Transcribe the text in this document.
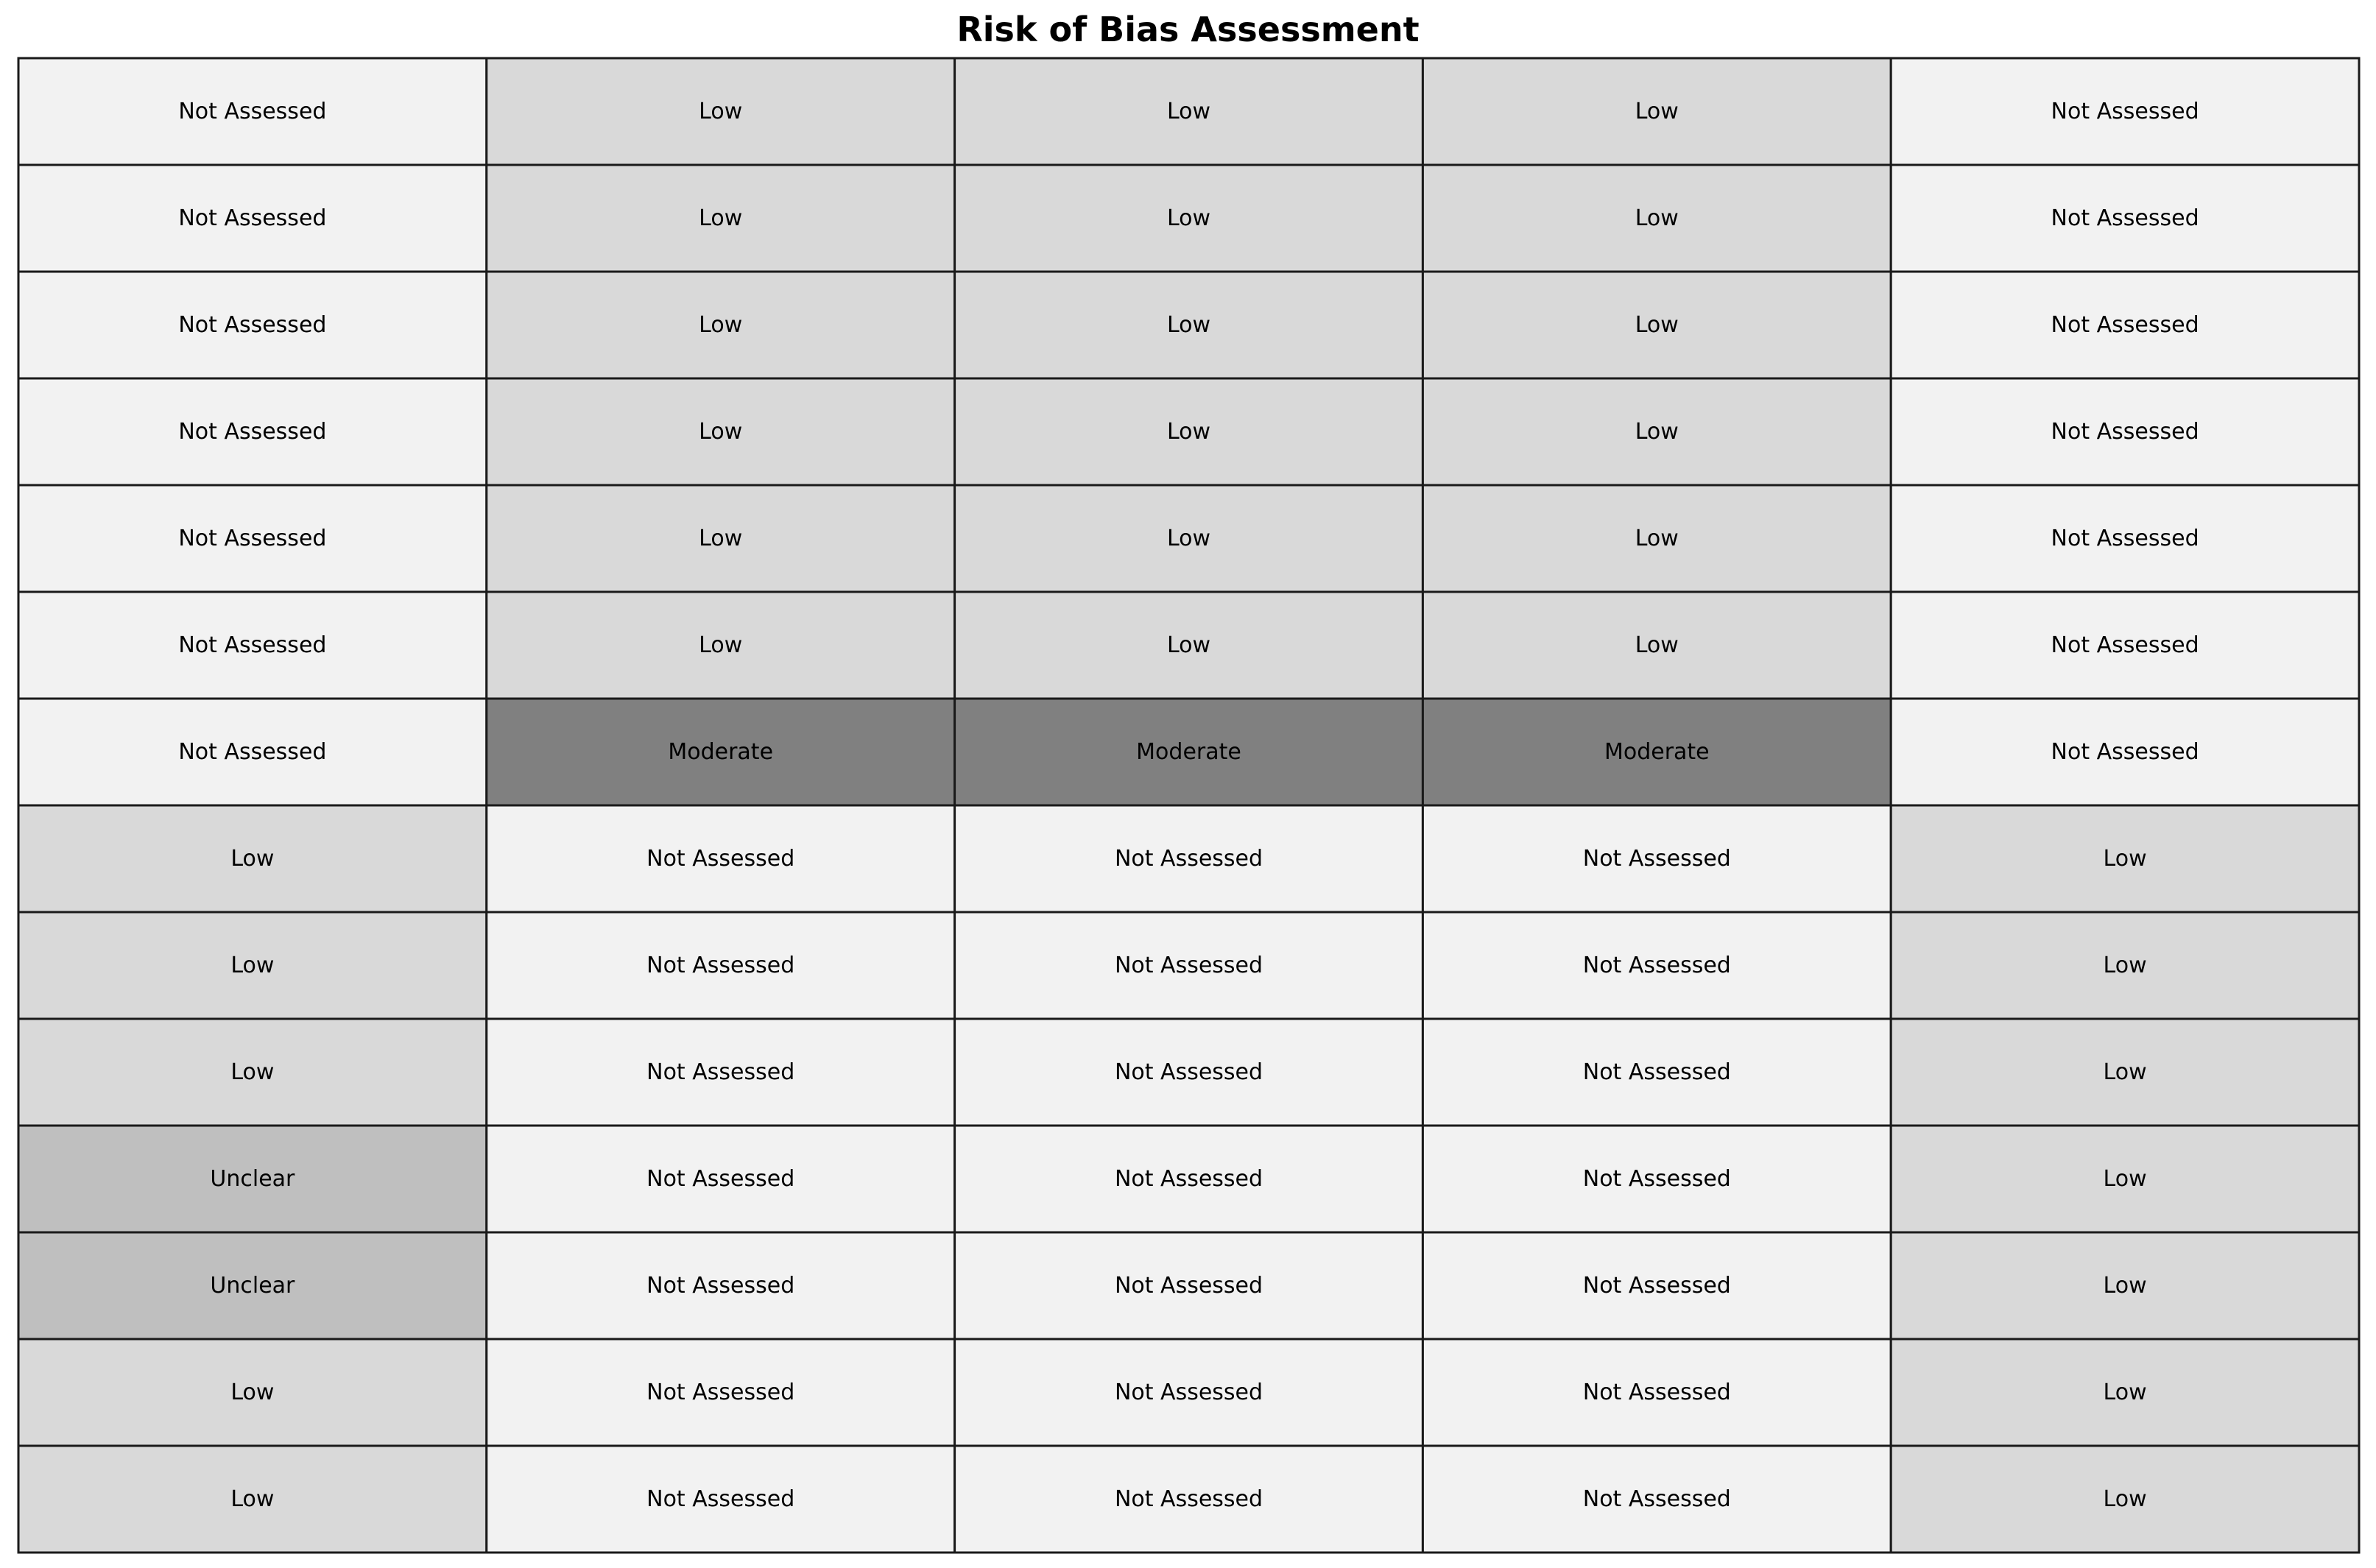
Risk of Bias Assessment
Not Assessed	Low	Low	Low	Not Assessed
Not Assessed	Low	Low	Low	Not Assessed
Not Assessed	Low	Low	Low	Not Assessed
Not Assessed	Low	Low	Low	Not Assessed
Not Assessed	Low	Low	Low	Not Assessed
Not Assessed	Low	Low	Low	Not Assessed
Not Assessed	Moderate	Moderate	Moderate	Not Assessed
Low	Not Assessed	Not Assessed	Not Assessed	Low
Low	Not Assessed	Not Assessed	Not Assessed	Low
Low	Not Assessed	Not Assessed	Not Assessed	Low
Unclear	Not Assessed	Not Assessed	Not Assessed	Low
Unclear	Not Assessed	Not Assessed	Not Assessed	Low
Low	Not Assessed	Not Assessed	Not Assessed	Low
Low	Not Assessed	Not Assessed	Not Assessed	Low
